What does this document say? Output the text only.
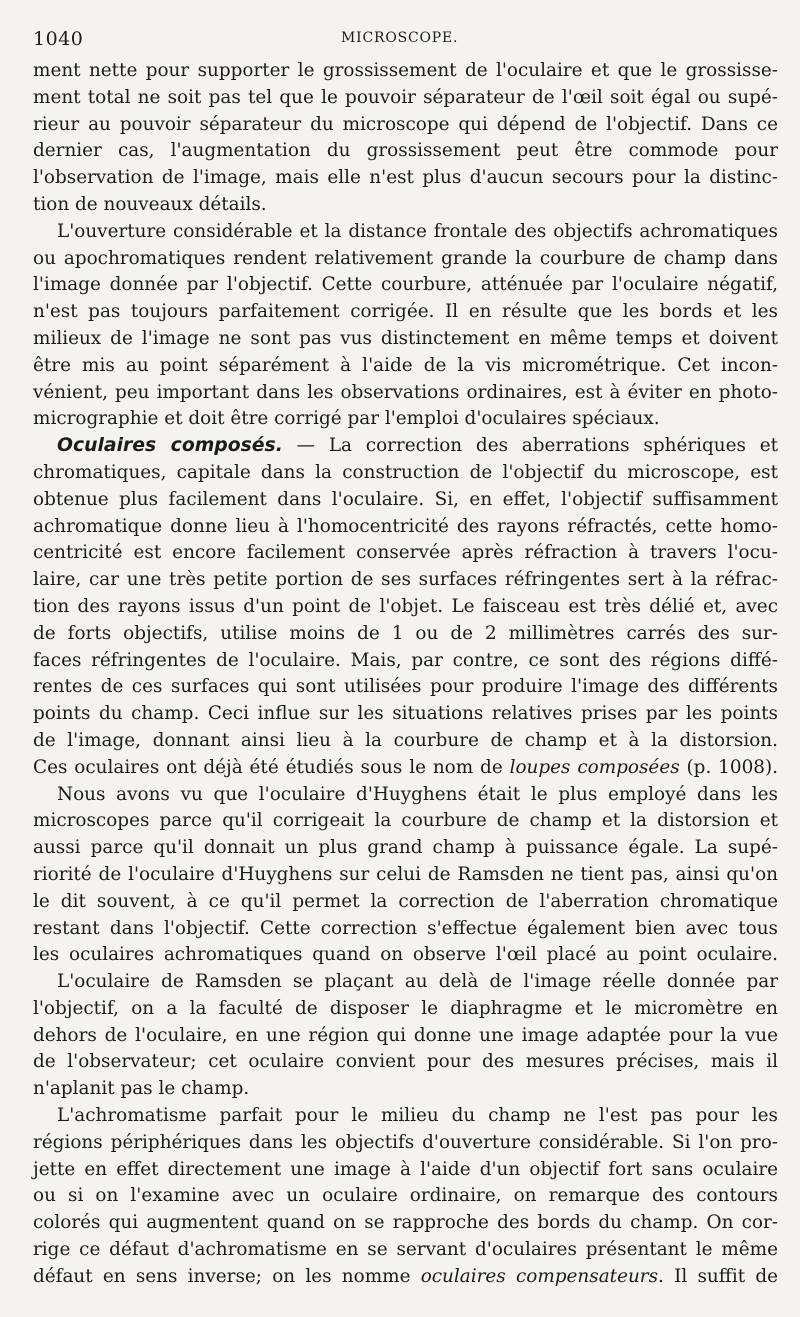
1040	MICROSCOPE.
ment nette pour supporter le grossissement de l'oculaire et que le grossisse-
ment total ne soit pas tel que le pouvoir séparateur de l'œil soit égal ou supé-
rieur au pouvoir séparateur du microscope qui dépend de l'objectif. Dans ce
dernier cas, l'augmentation du grossissement peut être commode pour
l'observation de l'image, mais elle n'est plus d'aucun secours pour la distinc-
tion de nouveaux détails.
L'ouverture considérable et la distance frontale des objectifs achromatiques
ou apochromatiques rendent relativement grande la courbure de champ dans
l'image donnée par l'objectif. Cette courbure, atténuée par l'oculaire négatif,
n'est pas toujours parfaitement corrigée. Il en résulte que les bords et les
milieux de l'image ne sont pas vus distinctement en même temps et doivent
être mis au point séparément à l'aide de la vis micrométrique. Cet incon-
vénient, peu important dans les observations ordinaires, est à éviter en photo-
micrographie et doit être corrigé par l'emploi d'oculaires spéciaux.
Oculaires composés. — La correction des aberrations sphériques et
chromatiques, capitale dans la construction de l'objectif du microscope, est
obtenue plus facilement dans l'oculaire. Si, en effet, l'objectif suffisamment
achromatique donne lieu à l'homocentricité des rayons réfractés, cette homo-
centricité est encore facilement conservée après réfraction à travers l'ocu-
laire, car une très petite portion de ses surfaces réfringentes sert à la réfrac-
tion des rayons issus d'un point de l'objet. Le faisceau est très délié et, avec
de forts objectifs, utilise moins de 1 ou de 2 millimètres carrés des sur-
faces réfringentes de l'oculaire. Mais, par contre, ce sont des régions diffé-
rentes de ces surfaces qui sont utilisées pour produire l'image des différents
points du champ. Ceci influe sur les situations relatives prises par les points
de l'image, donnant ainsi lieu à la courbure de champ et à la distorsion.
Ces oculaires ont déjà été étudiés sous le nom de loupes composées (p. 1008).
Nous avons vu que l'oculaire d'Huyghens était le plus employé dans les
microscopes parce qu'il corrigeait la courbure de champ et la distorsion et
aussi parce qu'il donnait un plus grand champ à puissance égale. La supé-
riorité de l'oculaire d'Huyghens sur celui de Ramsden ne tient pas, ainsi qu'on
le dit souvent, à ce qu'il permet la correction de l'aberration chromatique
restant dans l'objectif. Cette correction s'effectue également bien avec tous
les oculaires achromatiques quand on observe l'œil placé au point oculaire.
L'oculaire de Ramsden se plaçant au delà de l'image réelle donnée par
l'objectif, on a la faculté de disposer le diaphragme et le micromètre en
dehors de l'oculaire, en une région qui donne une image adaptée pour la vue
de l'observateur; cet oculaire convient pour des mesures précises, mais il
n'aplanit pas le champ.
L'achromatisme parfait pour le milieu du champ ne l'est pas pour les
régions périphériques dans les objectifs d'ouverture considérable. Si l'on pro-
jette en effet directement une image à l'aide d'un objectif fort sans oculaire
ou si on l'examine avec un oculaire ordinaire, on remarque des contours
colorés qui augmentent quand on se rapproche des bords du champ. On cor-
rige ce défaut d'achromatisme en se servant d'oculaires présentant le même
défaut en sens inverse; on les nomme oculaires compensateurs. Il suffit de
